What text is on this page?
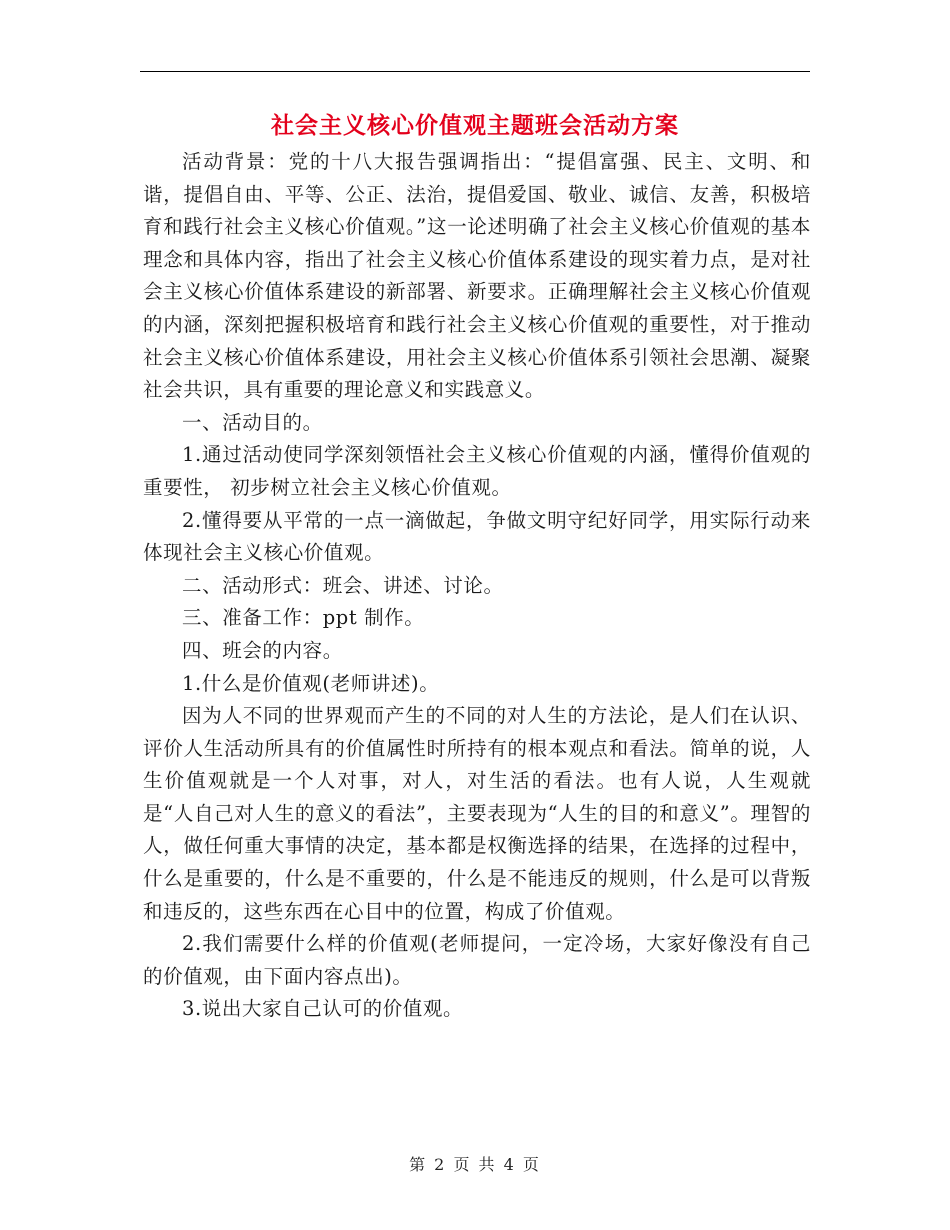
社会主义核心价值观主题班会活动方案

活动背景：党的十八大报告强调指出：“提倡富强、民主、文明、和谐，提倡自由、平等、公正、法治，提倡爱国、敬业、诚信、友善，积极培育和践行社会主义核心价值观。”这一论述明确了社会主义核心价值观的基本理念和具体内容，指出了社会主义核心价值体系建设的现实着力点，是对社会主义核心价值体系建设的新部署、新要求。正确理解社会主义核心价值观的内涵，深刻把握积极培育和践行社会主义核心价值观的重要性，对于推动社会主义核心价值体系建设，用社会主义核心价值体系引领社会思潮、凝聚社会共识，具有重要的理论意义和实践意义。

一、活动目的。

1.通过活动使同学深刻领悟社会主义核心价值观的内涵，懂得价值观的重要性， 初步树立社会主义核心价值观。

2.懂得要从平常的一点一滴做起，争做文明守纪好同学，用实际行动来体现社会主义核心价值观。

二、活动形式：班会、讲述、讨论。

三、准备工作：ppt 制作。

四、班会的内容。

1.什么是价值观(老师讲述)。

因为人不同的世界观而产生的不同的对人生的方法论，是人们在认识、评价人生活动所具有的价值属性时所持有的根本观点和看法。简单的说，人生价值观就是一个人对事，对人，对生活的看法。也有人说，人生观就是“人自己对人生的意义的看法”，主要表现为“人生的目的和意义”。理智的人，做任何重大事情的决定，基本都是权衡选择的结果，在选择的过程中，什么是重要的，什么是不重要的，什么是不能违反的规则，什么是可以背叛和违反的，这些东西在心目中的位置，构成了价值观。

2.我们需要什么样的价值观(老师提问，一定冷场，大家好像没有自己的价值观，由下面内容点出)。

3.说出大家自己认可的价值观。

第 2 页 共 4 页
